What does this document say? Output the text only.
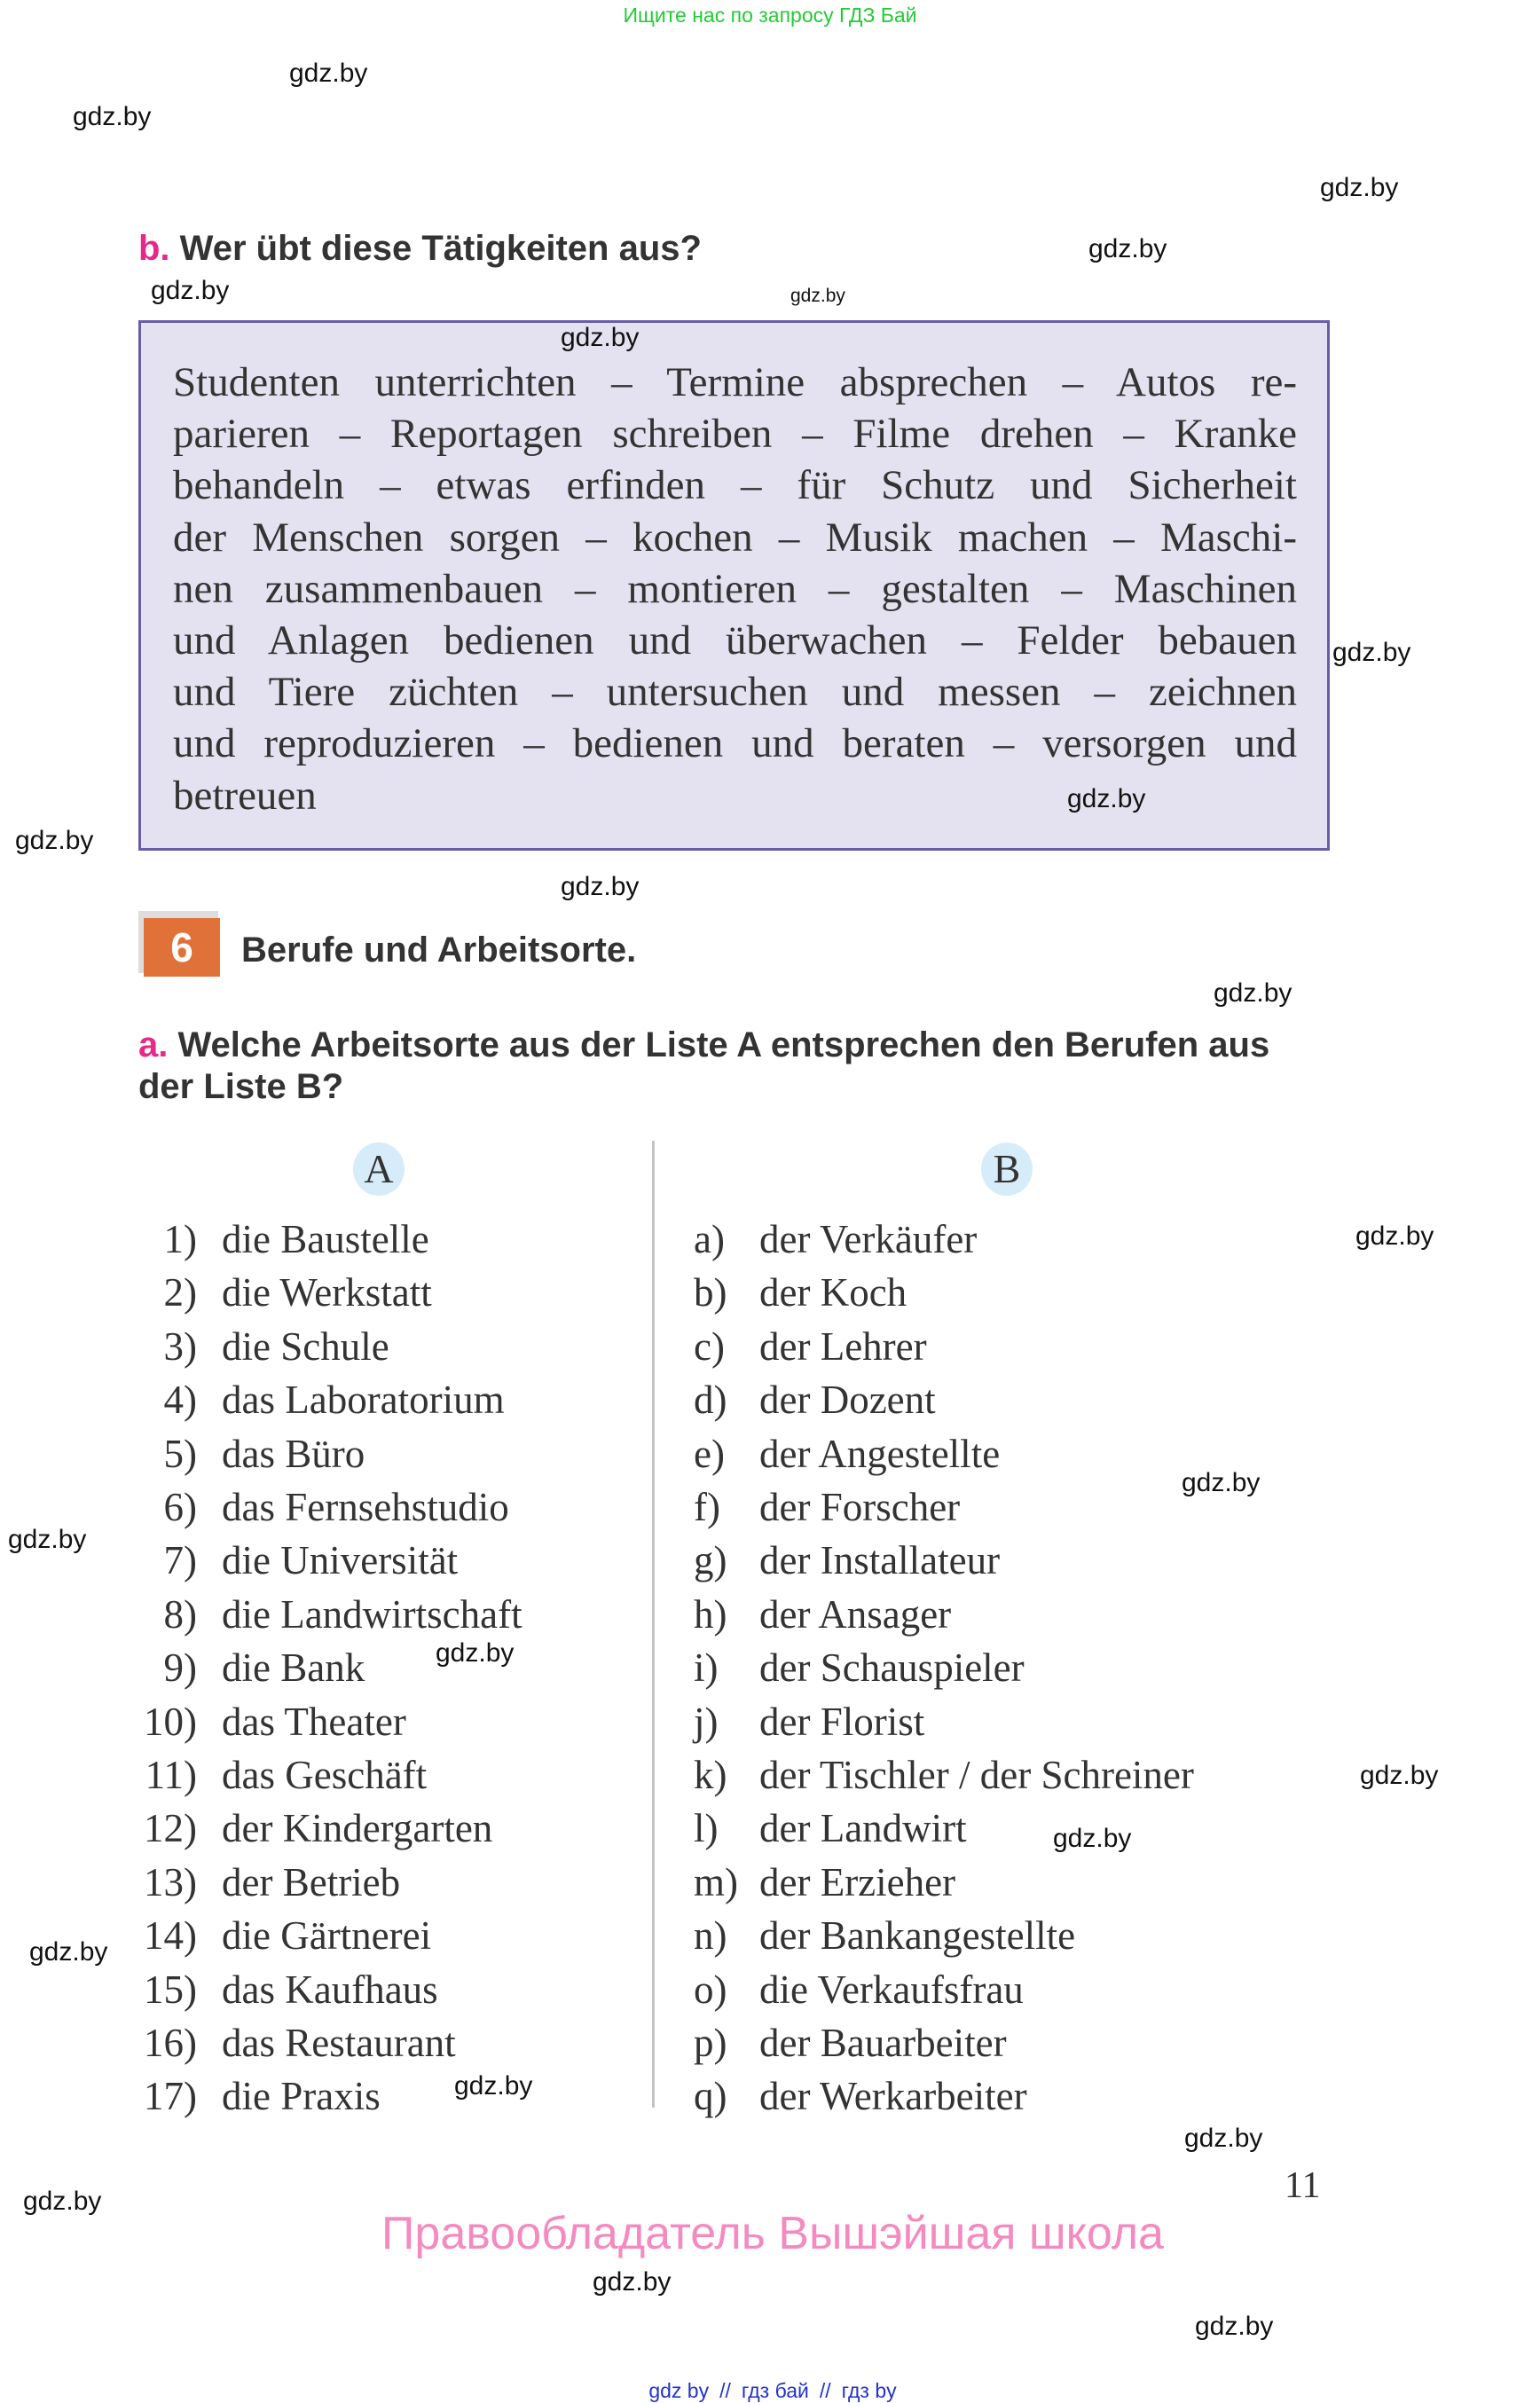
Ищите нас по запросу ГДЗ Бай
b. Wer übt diese Tätigkeiten aus?
Studenten unterrichten – Termine absprechen – Autos re-
parieren – Reportagen schreiben – Filme drehen – Kranke
behandeln – etwas erfinden – für Schutz und Sicherheit
der Menschen sorgen – kochen – Musik machen – Maschi-
nen zusammenbauen – montieren – gestalten – Maschinen
und Anlagen bedienen und überwachen – Felder bebauen
und Tiere züchten – untersuchen und messen – zeichnen
und reproduzieren – bedienen und beraten – versorgen und
betreuen
6	Berufe und Arbeitsorte.
a. Welche Arbeitsorte aus der Liste A entsprechen den Berufen aus
der Liste B?
A	B
1) die Baustelle
2) die Werkstatt
3) die Schule
4) das Laboratorium
5) das Büro
6) das Fernsehstudio
7) die Universität
8) die Landwirtschaft
9) die Bank
10) das Theater
11) das Geschäft
12) der Kindergarten
13) der Betrieb
14) die Gärtnerei
15) das Kaufhaus
16) das Restaurant
17) die Praxis
a) der Verkäufer
b) der Koch
c) der Lehrer
d) der Dozent
e) der Angestellte
f) der Forscher
g) der Installateur
h) der Ansager
i) der Schauspieler
j) der Florist
k) der Tischler / der Schreiner
l) der Landwirt
m) der Erzieher
n) der Bankangestellte
o) die Verkaufsfrau
p) der Bauarbeiter
q) der Werkarbeiter
11
Правообладатель Вышэйшая школа
gdz by // гдз бай // гдз by
gdz.by
gdz.by
gdz.by
gdz.by
gdz.by
gdz.by
gdz.by
gdz.by
gdz.by
gdz.by
gdz.by
gdz.by
gdz.by
gdz.by
gdz.by
gdz.by
gdz.by
gdz.by
gdz.by
gdz.by
gdz.by
gdz.by
gdz.by
gdz.by
